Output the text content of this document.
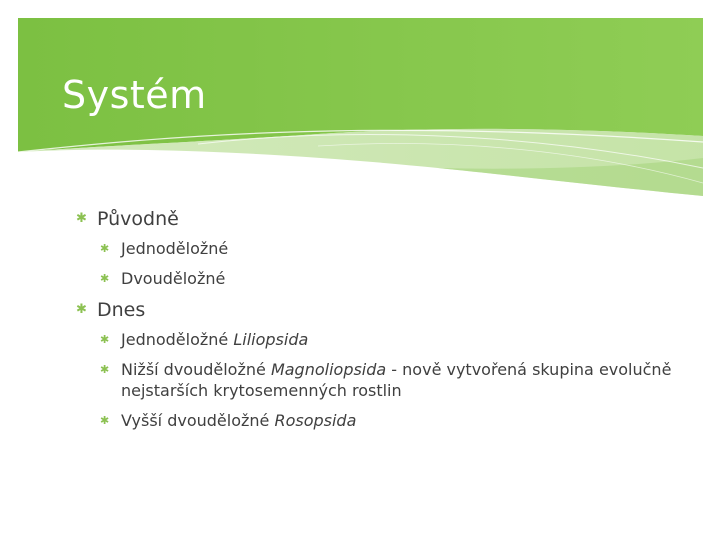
Systém
✱ Původně
✱ Jednoděložné
✱ Dvouděložné
✱ Dnes
✱ Jednoděložné Liliopsida
✱ Nižší dvouděložné Magnoliopsida - nově vytvořená skupina evolučně nejstarších krytosemenných rostlin
✱ Vyšší dvouděložné Rosopsida
